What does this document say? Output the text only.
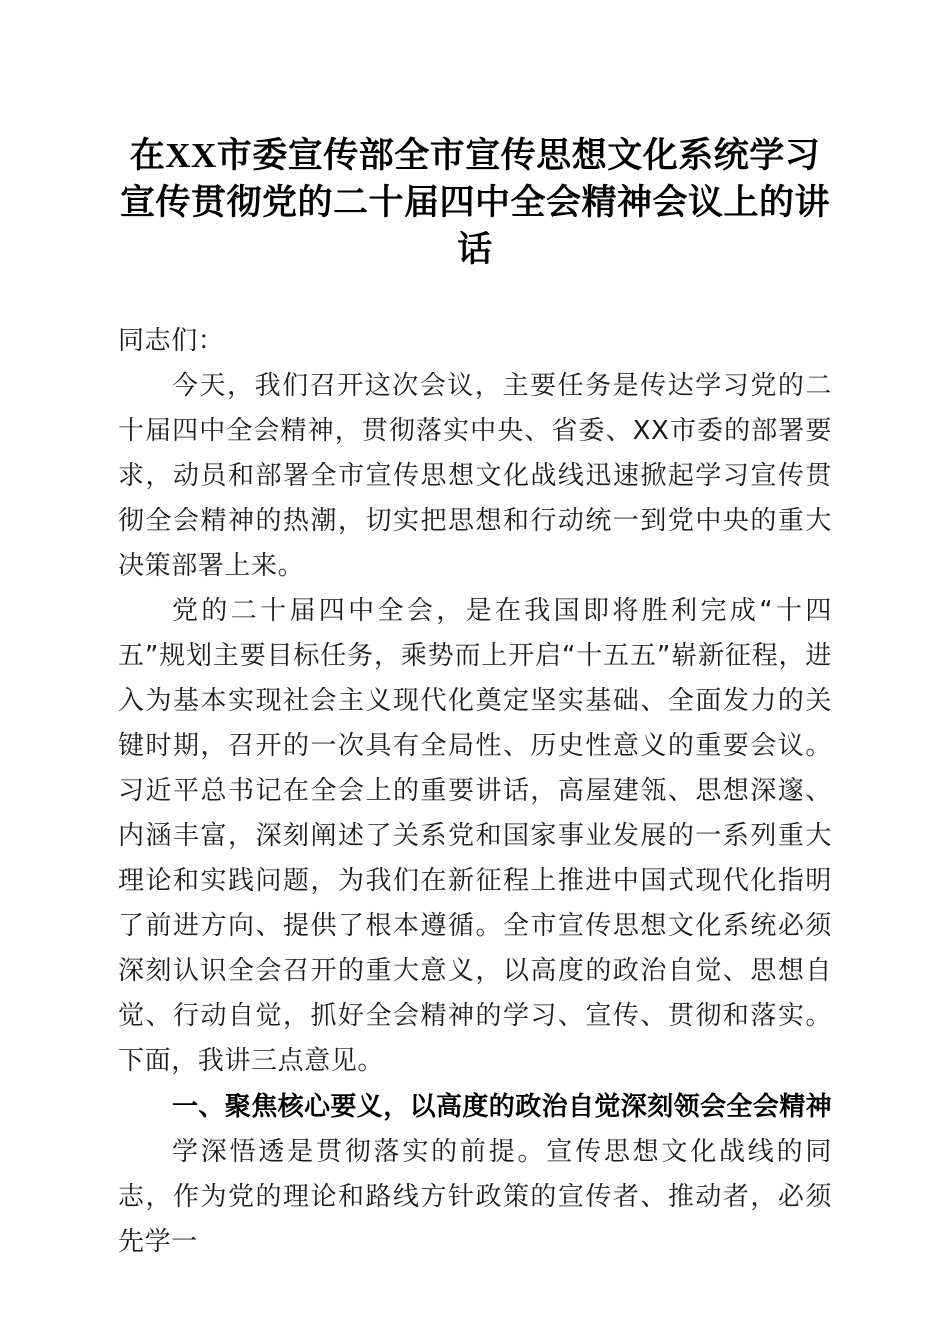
在XX市委宣传部全市宣传思想文化系统学习宣传贯彻党的二十届四中全会精神会议上的讲话
同志们：

今天，我们召开这次会议，主要任务是传达学习党的二十届四中全会精神，贯彻落实中央、省委、XX市委的部署要求，动员和部署全市宣传思想文化战线迅速掀起学习宣传贯彻全会精神的热潮，切实把思想和行动统一到党中央的重大决策部署上来。

党的二十届四中全会，是在我国即将胜利完成“十四五”规划主要目标任务，乘势而上开启“十五五”崭新征程，进入为基本实现社会主义现代化奠定坚实基础、全面发力的关键时期，召开的一次具有全局性、历史性意义的重要会议。习近平总书记在全会上的重要讲话，高屋建瓴、思想深邃、内涵丰富，深刻阐述了关系党和国家事业发展的一系列重大理论和实践问题，为我们在新征程上推进中国式现代化指明了前进方向、提供了根本遵循。全市宣传思想文化系统必须深刻认识全会召开的重大意义，以高度的政治自觉、思想自觉、行动自觉，抓好全会精神的学习、宣传、贯彻和落实。下面，我讲三点意见。

一、聚焦核心要义，以高度的政治自觉深刻领会全会精神

学深悟透是贯彻落实的前提。宣传思想文化战线的同志，作为党的理论和路线方针政策的宣传者、推动者，必须先学一
